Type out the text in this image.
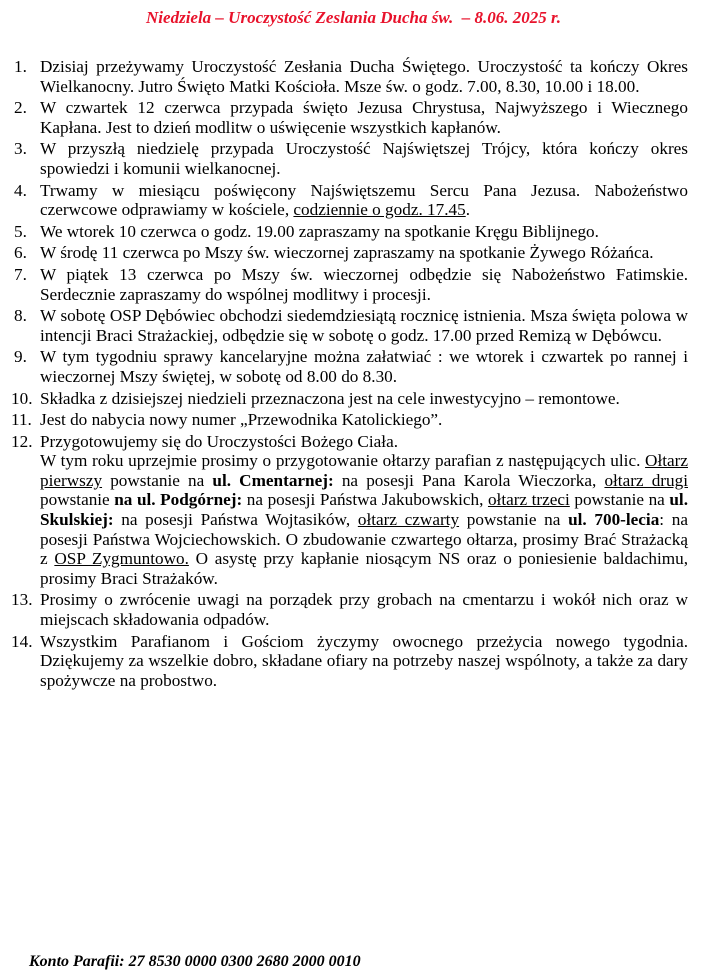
Niedziela – Uroczystość Zeslania Ducha św.  – 8.06. 2025 r.
1. Dzisiaj przeżywamy Uroczystość Zesłania Ducha Świętego. Uroczystość ta kończy Okres Wielkanocny. Jutro Święto Matki Kościoła. Msze św. o godz. 7.00, 8.30, 10.00 i 18.00.
2. W czwartek 12 czerwca przypada święto Jezusa Chrystusa, Najwyższego i Wiecznego Kapłana. Jest to dzień modlitw o uświęcenie wszystkich kapłanów.
3. W przyszłą niedzielę przypada Uroczystość Najświętszej Trójcy, która kończy okres spowiedzi i komunii wielkanocnej.
4. Trwamy w miesiącu poświęcony Najświętszemu Sercu Pana Jezusa. Nabożeństwo czerwcowe odprawiamy w kościele, codziennie o godz. 17.45.
5. We wtorek 10 czerwca o godz. 19.00 zapraszamy na spotkanie Kręgu Biblijnego.
6. W środę 11 czerwca po Mszy św. wieczornej zapraszamy na spotkanie Żywego Różańca.
7. W piątek 13 czerwca po Mszy św. wieczornej odbędzie się Nabożeństwo Fatimskie. Serdecznie zapraszamy do wspólnej modlitwy i procesji.
8. W sobotę OSP Dębówiec obchodzi siedemdziesiątą rocznicę istnienia. Msza święta polowa w intencji Braci Strażackiej, odbędzie się w sobotę o godz. 17.00 przed Remizą w Dębówcu.
9. W tym tygodniu sprawy kancelaryjne można załatwiać : we wtorek i czwartek po rannej i wieczornej Mszy świętej, w sobotę od 8.00 do 8.30.
10. Składka z dzisiejszej niedzieli przeznaczona jest na cele inwestycyjno – remontowe.
11. Jest do nabycia nowy numer „Przewodnika Katolickiego”.
12. Przygotowujemy się do Uroczystości Bożego Ciała.
W tym roku uprzejmie prosimy o przygotowanie ołtarzy parafian z następujących ulic. Ołtarz pierwszy powstanie na ul. Cmentarnej: na posesji Pana Karola Wieczorka, ołtarz drugi powstanie na ul. Podgórnej: na posesji Państwa Jakubowskich, ołtarz trzeci powstanie na ul. Skulskiej: na posesji Państwa Wojtasików, ołtarz czwarty powstanie na ul. 700-lecia: na posesji Państwa Wojciechowskich. O zbudowanie czwartego ołtarza, prosimy Brać Strażacką z OSP Zygmuntowo. O asystę przy kapłanie niosącym NS oraz o poniesienie baldachimu, prosimy Braci Strażaków.
13. Prosimy o zwrócenie uwagi na porządek przy grobach na cmentarzu i wokół nich oraz w miejscach składowania odpadów.
14. Wszystkim Parafianom i Gościom życzymy owocnego przeżycia nowego tygodnia. Dziękujemy za wszelkie dobro, składane ofiary na potrzeby naszej wspólnoty, a także za dary spożywcze na probostwo.

Konto Parafii: 27 8530 0000 0300 2680 2000 0010
